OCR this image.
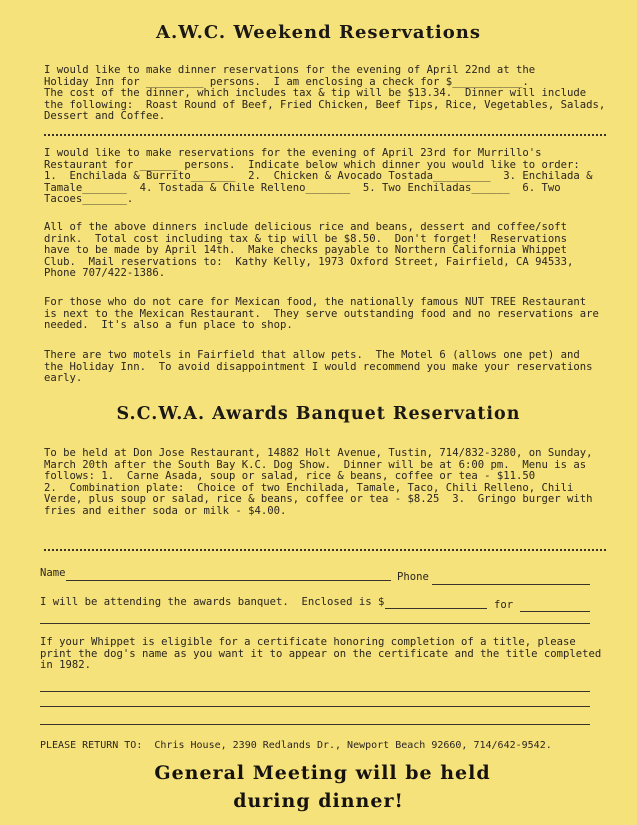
A.W.C. Weekend Reservations
I would like to make dinner reservations for the evening of April 22nd at the
Holiday Inn for _________ persons.  I am enclosing a check for $___________.
The cost of the dinner, which includes tax & tip will be $13.34.  Dinner will include
the following:  Roast Round of Beef, Fried Chicken, Beef Tips, Rice, Vegetables, Salads,
Dessert and Coffee.
I would like to make reservations for the evening of April 23rd for Murrillo's
Restaurant for ______ persons.  Indicate below which dinner you would like to order:
1.  Enchilada & Burrito_______  2.  Chicken & Avocado Tostada_________  3. Enchilada &
Tamale_______  4. Tostada & Chile Relleno_______  5. Two Enchiladas______  6. Two
Tacoes_______.
All of the above dinners include delicious rice and beans, dessert and coffee/soft
drink.  Total cost including tax & tip will be $8.50.  Don't forget!  Reservations
have to be made by April 14th.  Make checks payable to Northern California Whippet
Club.  Mail reservations to:  Kathy Kelly, 1973 Oxford Street, Fairfield, CA 94533,
Phone 707/422-1386.
For those who do not care for Mexican food, the nationally famous NUT TREE Restaurant
is next to the Mexican Restaurant.  They serve outstanding food and no reservations are
needed.  It's also a fun place to shop.
There are two motels in Fairfield that allow pets.  The Motel 6 (allows one pet) and
the Holiday Inn.  To avoid disappointment I would recommend you make your reservations
early.
S.C.W.A. Awards Banquet Reservation
To be held at Don Jose Restaurant, 14882 Holt Avenue, Tustin, 714/832-3280, on Sunday,
March 20th after the South Bay K.C. Dog Show.  Dinner will be at 6:00 pm.  Menu is as
follows: 1.  Carne Asada, soup or salad, rice & beans, coffee or tea - $11.50
2.  Combination plate:  Choice of two Enchilada, Tamale, Taco, Chili Relleno, Chili
Verde, plus soup or salad, rice & beans, coffee or tea - $8.25  3.  Gringo burger with
fries and either soda or milk - $4.00.
Name	Phone
I will be attending the awards banquet.  Enclosed is $	for
If your Whippet is eligible for a certificate honoring completion of a title, please
print the dog's name as you want it to appear on the certificate and the title completed
in 1982.
PLEASE RETURN TO:  Chris House, 2390 Redlands Dr., Newport Beach 92660, 714/642-9542.
General Meeting will be held
during dinner!
